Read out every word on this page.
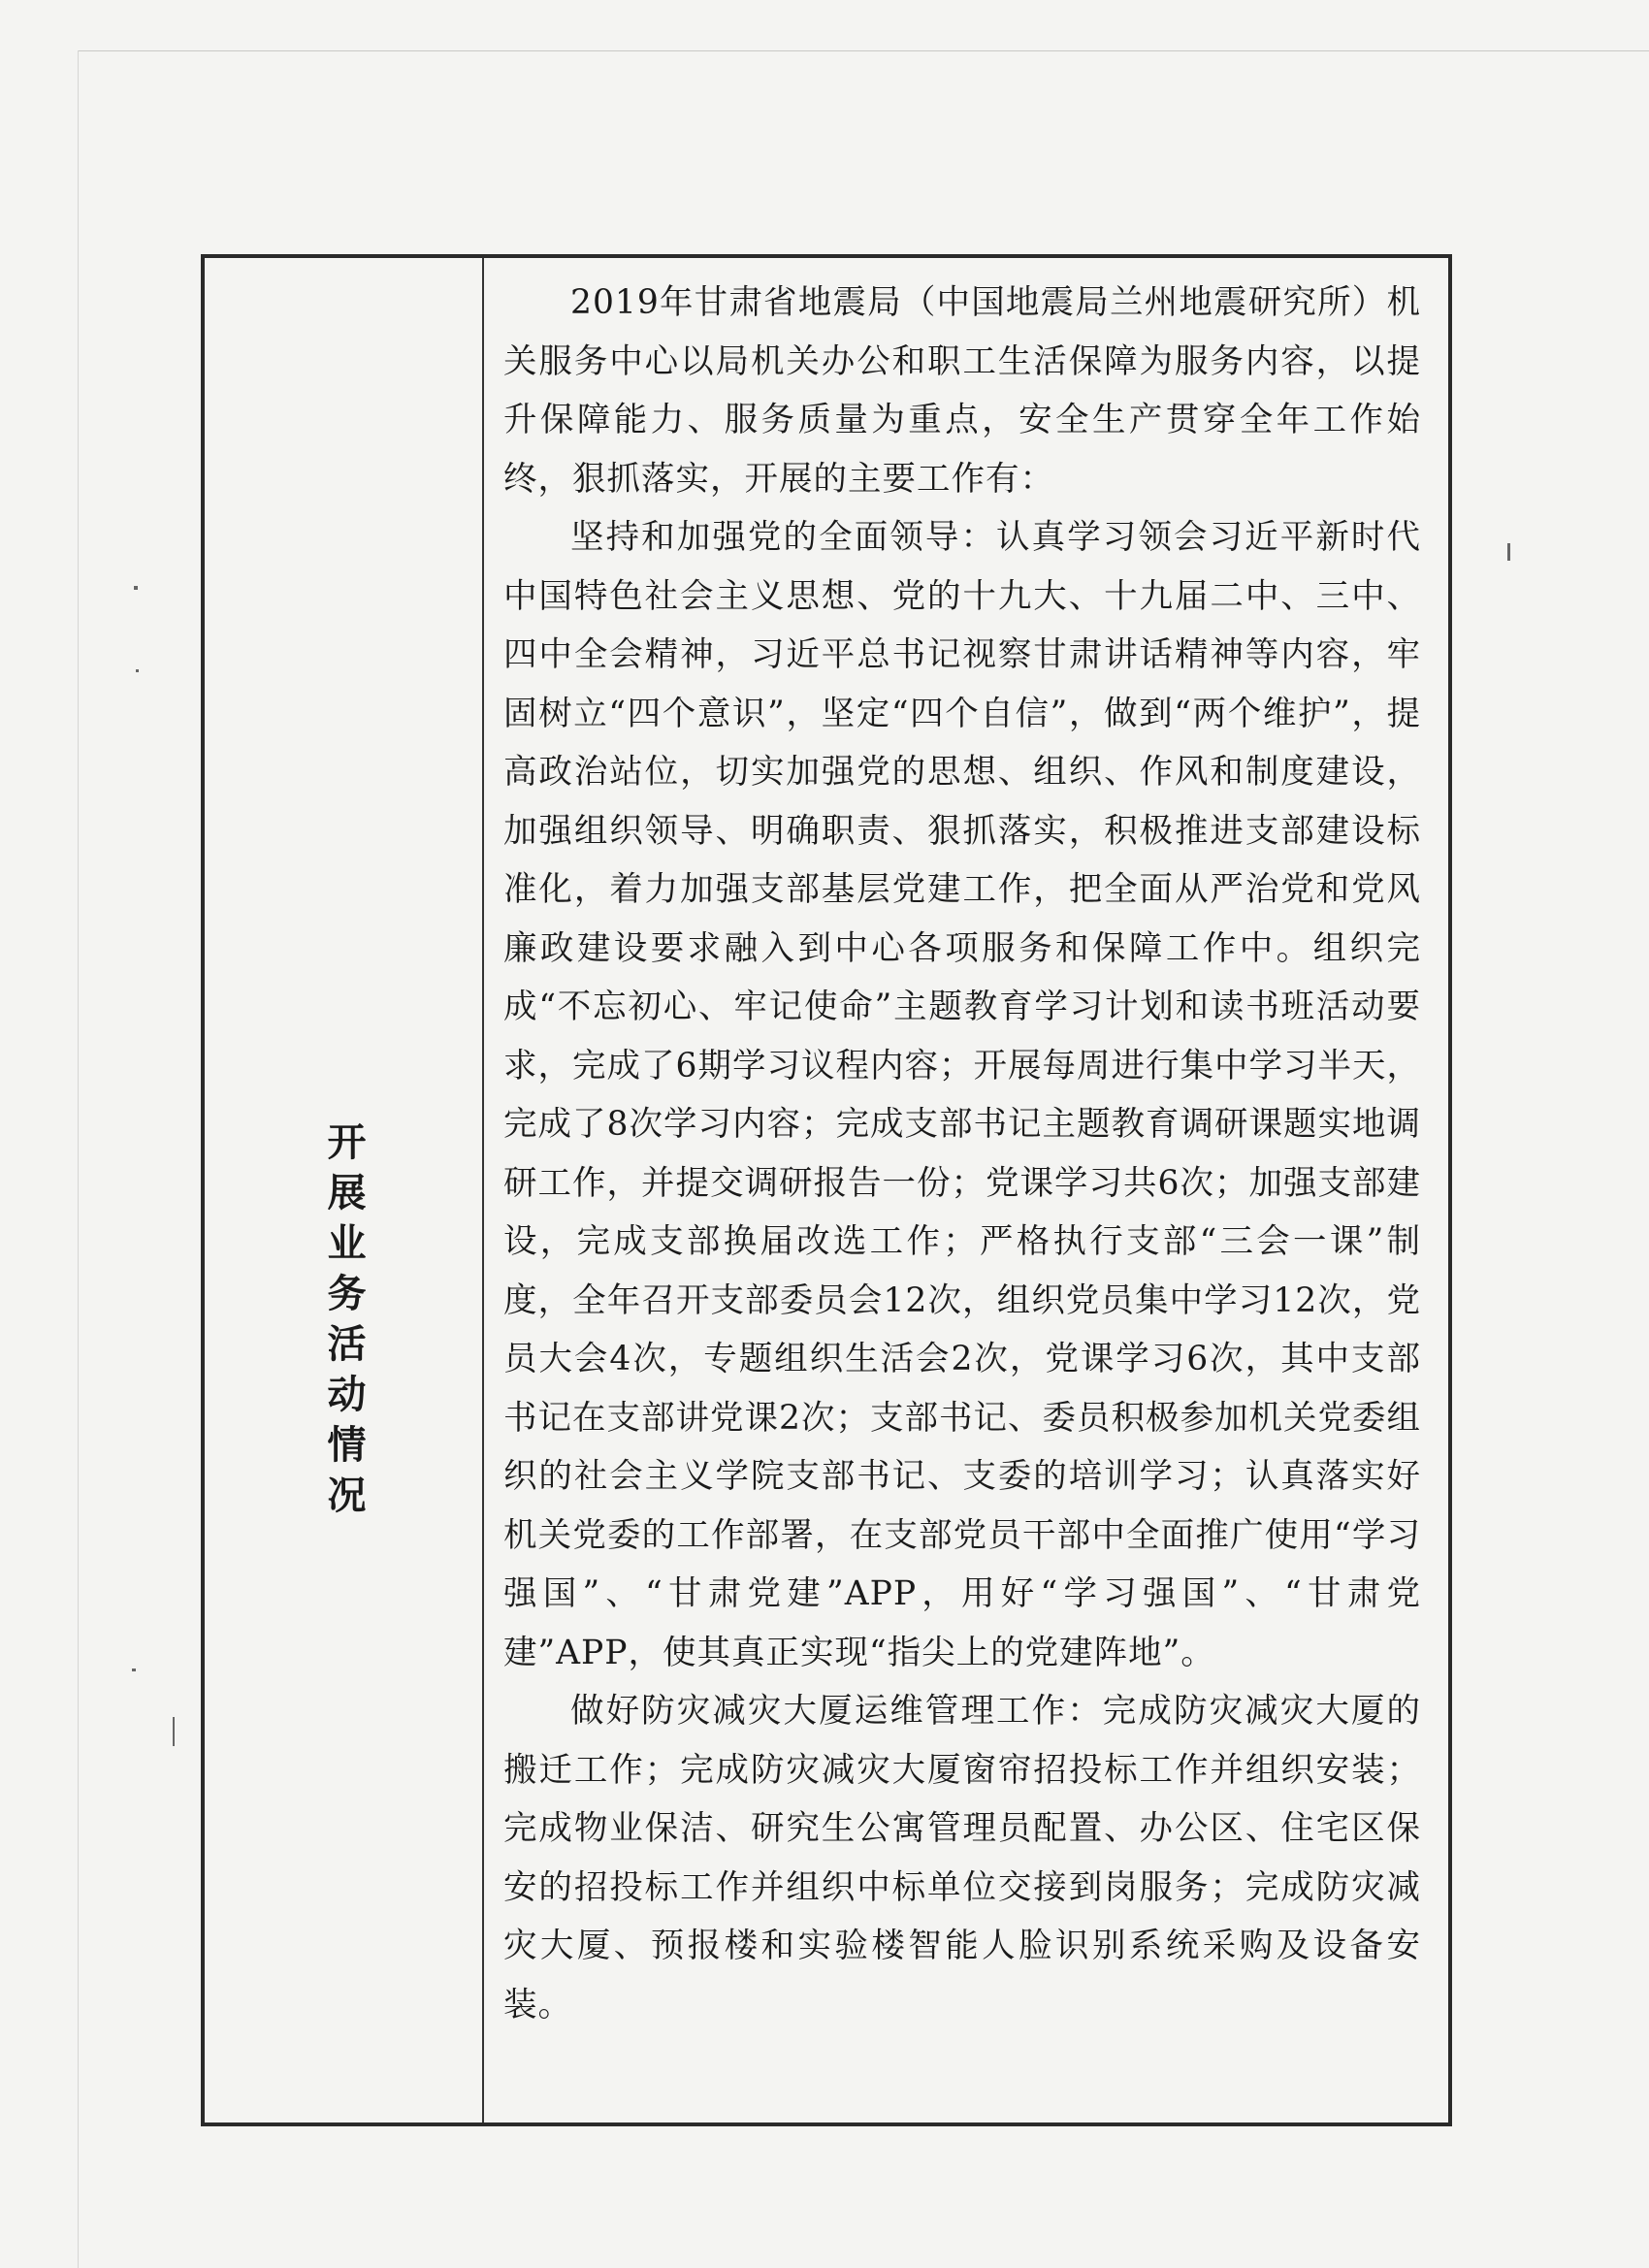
开展业务活动情况

2019年甘肃省地震局（中国地震局兰州地震研究所）机关服务中心以局机关办公和职工生活保障为服务内容，以提升保障能力、服务质量为重点，安全生产贯穿全年工作始终，狠抓落实，开展的主要工作有：

坚持和加强党的全面领导：认真学习领会习近平新时代中国特色社会主义思想、党的十九大、十九届二中、三中、四中全会精神，习近平总书记视察甘肃讲话精神等内容，牢固树立“四个意识”，坚定“四个自信”，做到“两个维护”，提高政治站位，切实加强党的思想、组织、作风和制度建设，加强组织领导、明确职责、狠抓落实，积极推进支部建设标准化，着力加强支部基层党建工作，把全面从严治党和党风廉政建设要求融入到中心各项服务和保障工作中。组织完成“不忘初心、牢记使命”主题教育学习计划和读书班活动要求，完成了6期学习议程内容；开展每周进行集中学习半天，完成了8次学习内容；完成支部书记主题教育调研课题实地调研工作，并提交调研报告一份；党课学习共6次；加强支部建设，完成支部换届改选工作；严格执行支部“三会一课”制度，全年召开支部委员会12次，组织党员集中学习12次，党员大会4次，专题组织生活会2次，党课学习6次，其中支部书记在支部讲党课2次；支部书记、委员积极参加机关党委组织的社会主义学院支部书记、支委的培训学习；认真落实好机关党委的工作部署，在支部党员干部中全面推广使用“学习强国”、“甘肃党建”APP，用好“学习强国”、“甘肃党建”APP，使其真正实现“指尖上的党建阵地”。

做好防灾减灾大厦运维管理工作：完成防灾减灾大厦的搬迁工作；完成防灾减灾大厦窗帘招投标工作并组织安装；完成物业保洁、研究生公寓管理员配置、办公区、住宅区保安的招投标工作并组织中标单位交接到岗服务；完成防灾减灾大厦、预报楼和实验楼智能人脸识别系统采购及设备安装。
